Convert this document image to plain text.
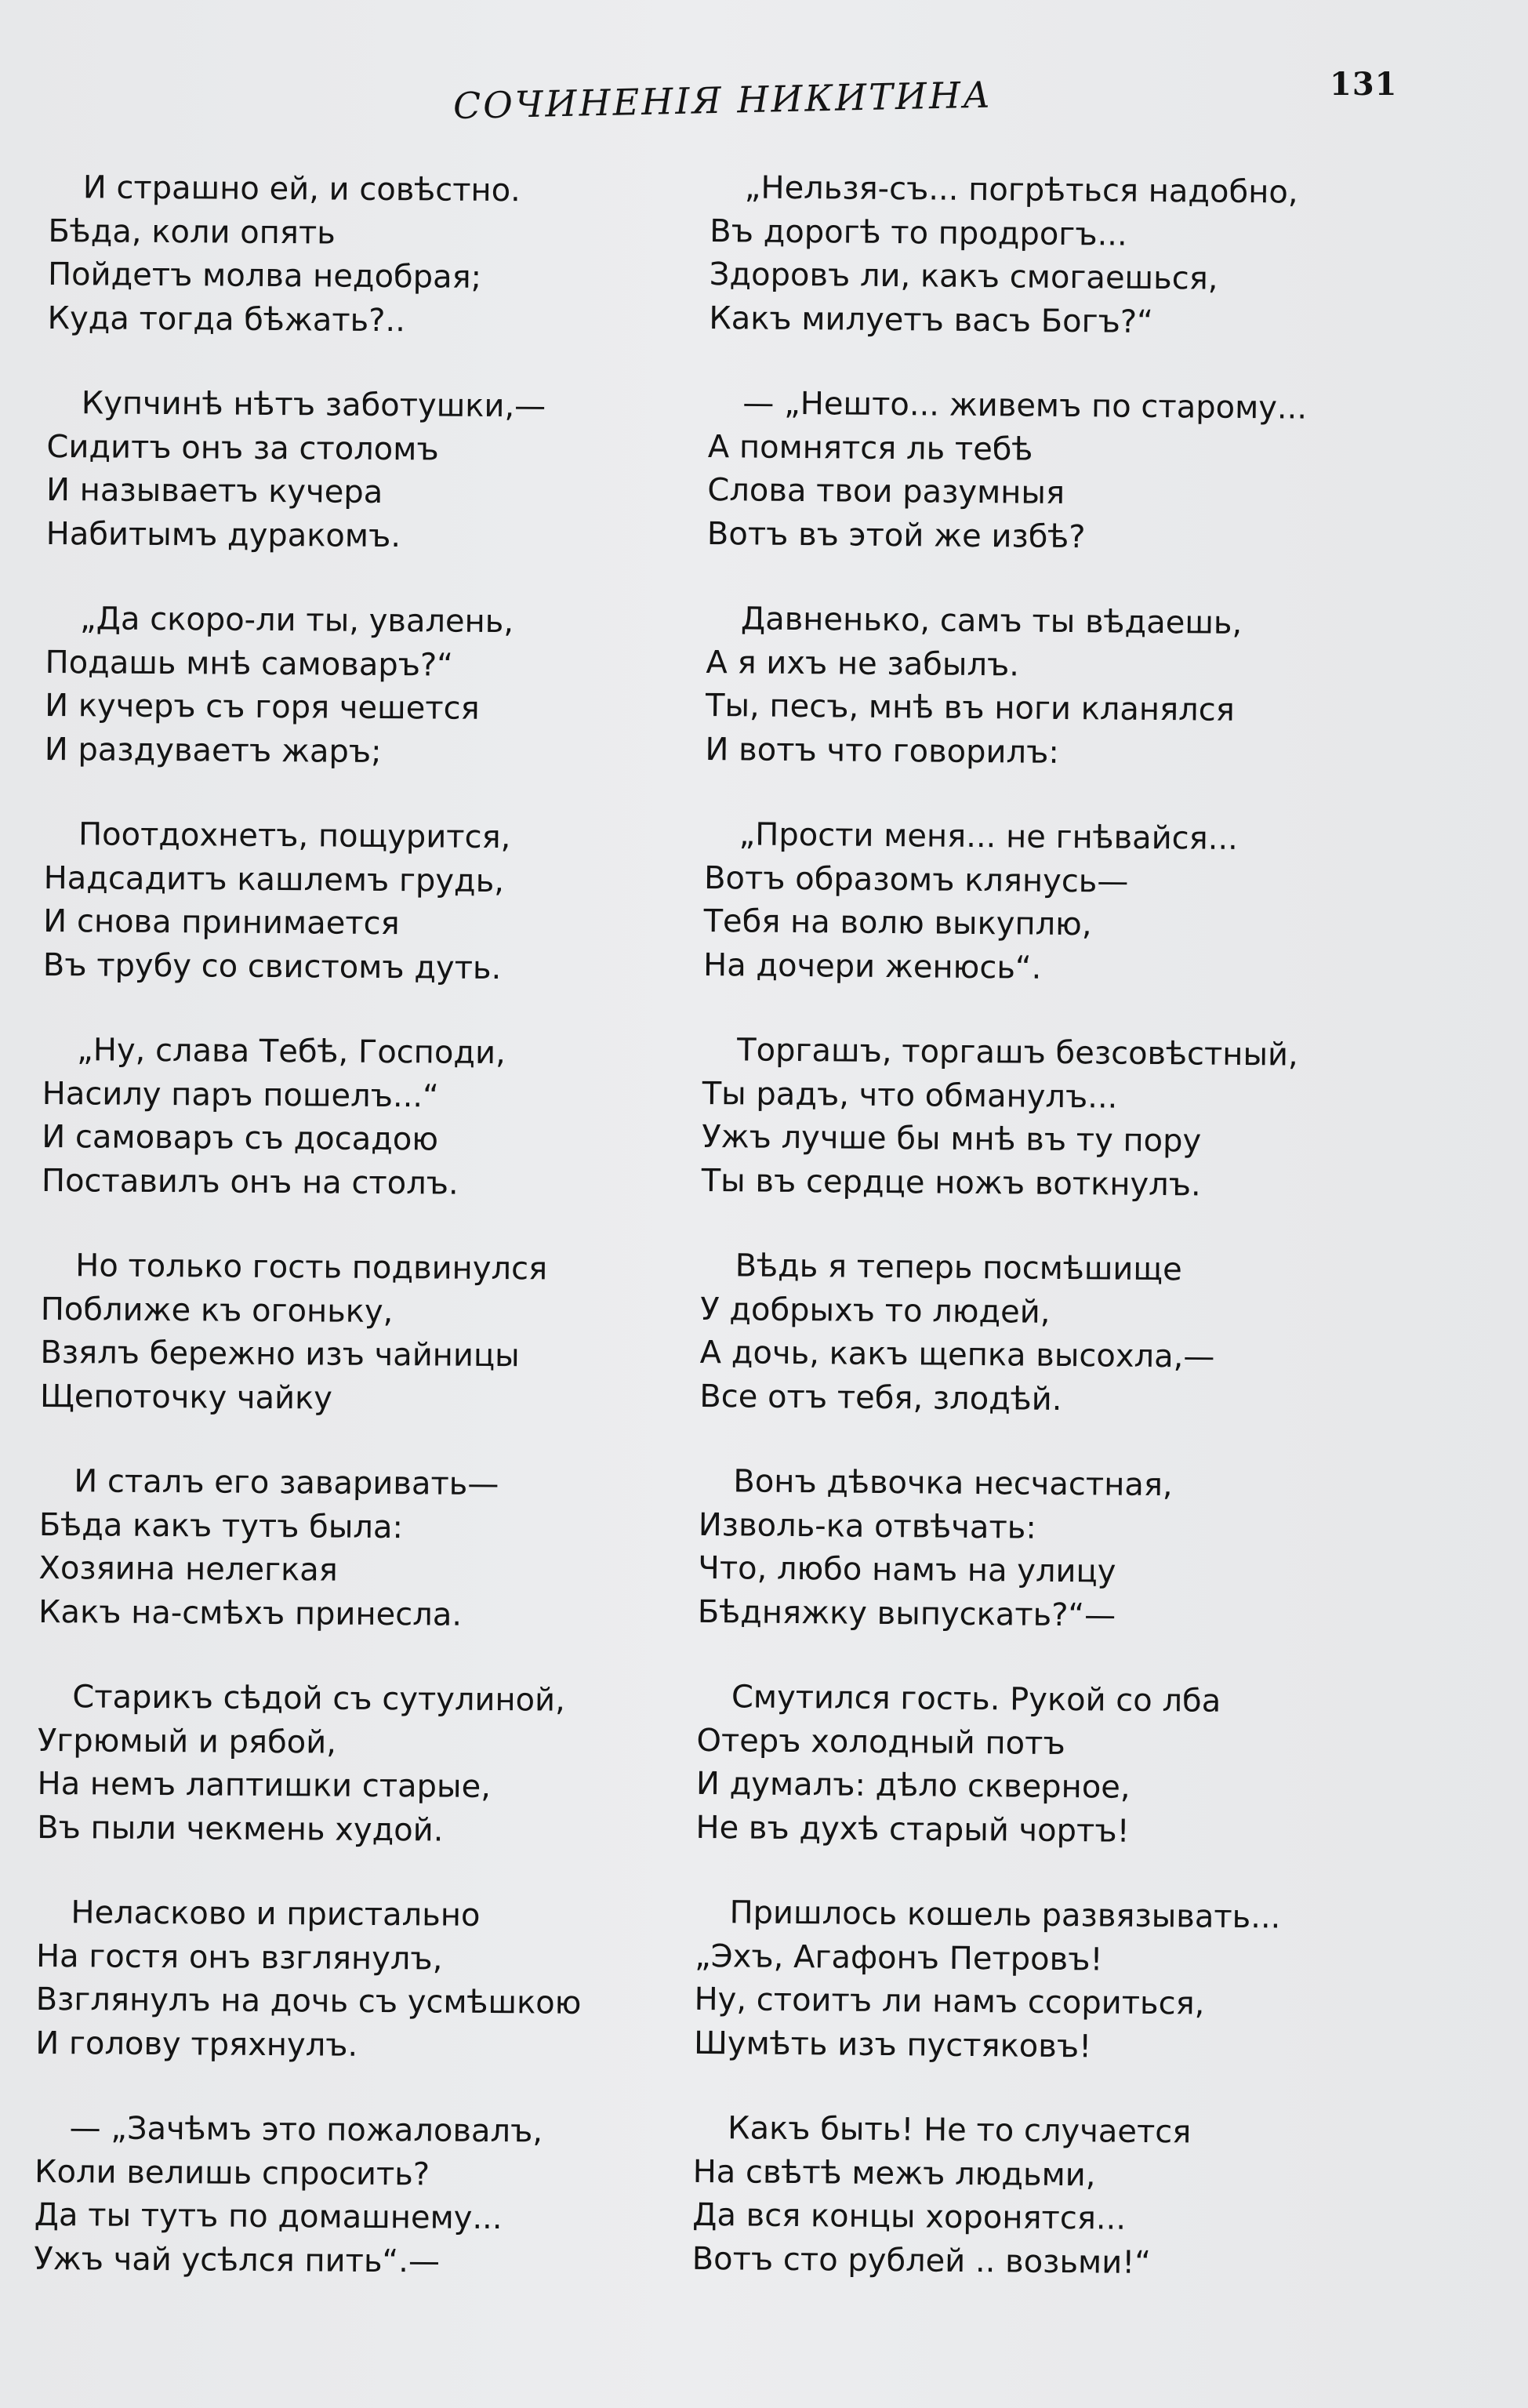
131
СОЧИНЕНІЯ НИКИТИНА
И страшно ей, и совѣстно.
Бѣда, коли опять
Пойдетъ молва недобрая;
Куда тогда бѣжать?..
Купчинѣ нѣтъ заботушки,—
Сидитъ онъ за столомъ
И называетъ кучера
Набитымъ дуракомъ.
„Да скоро-ли ты, увалень,
Подашь мнѣ самоваръ?“
И кучеръ съ горя чешется
И раздуваетъ жаръ;
Поотдохнетъ, пощурится,
Надсадитъ кашлемъ грудь,
И снова принимается
Въ трубу со свистомъ дуть.
„Ну, слава Тебѣ, Господи,
Насилу паръ пошелъ...“
И самоваръ съ досадою
Поставилъ онъ на столъ.
Но только гость подвинулся
Поближе къ огоньку,
Взялъ бережно изъ чайницы
Щепоточку чайку
И сталъ его заваривать—
Бѣда какъ тутъ была:
Хозяина нелегкая
Какъ на-смѣхъ принесла.
Старикъ сѣдой съ сутулиной,
Угрюмый и рябой,
На немъ лаптишки старые,
Въ пыли чекмень худой.
Неласково и пристально
На гостя онъ взглянулъ,
Взглянулъ на дочь съ усмѣшкою
И голову тряхнулъ.
— „Зачѣмъ это пожаловалъ,
Коли велишь спросить?
Да ты тутъ по домашнему...
Ужъ чай усѣлся пить“.—
„Нельзя-съ... погрѣться надобно,
Въ дорогѣ то продрогъ...
Здоровъ ли, какъ смогаешься,
Какъ милуетъ васъ Богъ?“
— „Нешто... живемъ по старому...
А помнятся ль тебѣ
Слова твои разумныя
Вотъ въ этой же избѣ?
Давненько, самъ ты вѣдаешь,
А я ихъ не забылъ.
Ты, песъ, мнѣ въ ноги кланялся
И вотъ что говорилъ:
„Прости меня... не гнѣвайся...
Вотъ образомъ клянусь—
Тебя на волю выкуплю,
На дочери женюсь“.
Торгашъ, торгашъ безсовѣстный,
Ты радъ, что обманулъ...
Ужъ лучше бы мнѣ въ ту пору
Ты въ сердце ножъ воткнулъ.
Вѣдь я теперь посмѣшище
У добрыхъ то людей,
А дочь, какъ щепка высохла,—
Все отъ тебя, злодѣй.
Вонъ дѣвочка несчастная,
Изволь-ка отвѣчать:
Что, любо намъ на улицу
Бѣдняжку выпускать?“—
Смутился гость. Рукой со лба
Отеръ холодный потъ
И думалъ: дѣло скверное,
Не въ духѣ старый чортъ!
Пришлось кошель развязывать...
„Эхъ, Агафонъ Петровъ!
Ну, стоитъ ли намъ ссориться,
Шумѣть изъ пустяковъ!
Какъ быть! Не то случается
На свѣтѣ межъ людьми,
Да вся концы хоронятся...
Вотъ сто рублей .. возьми!“
